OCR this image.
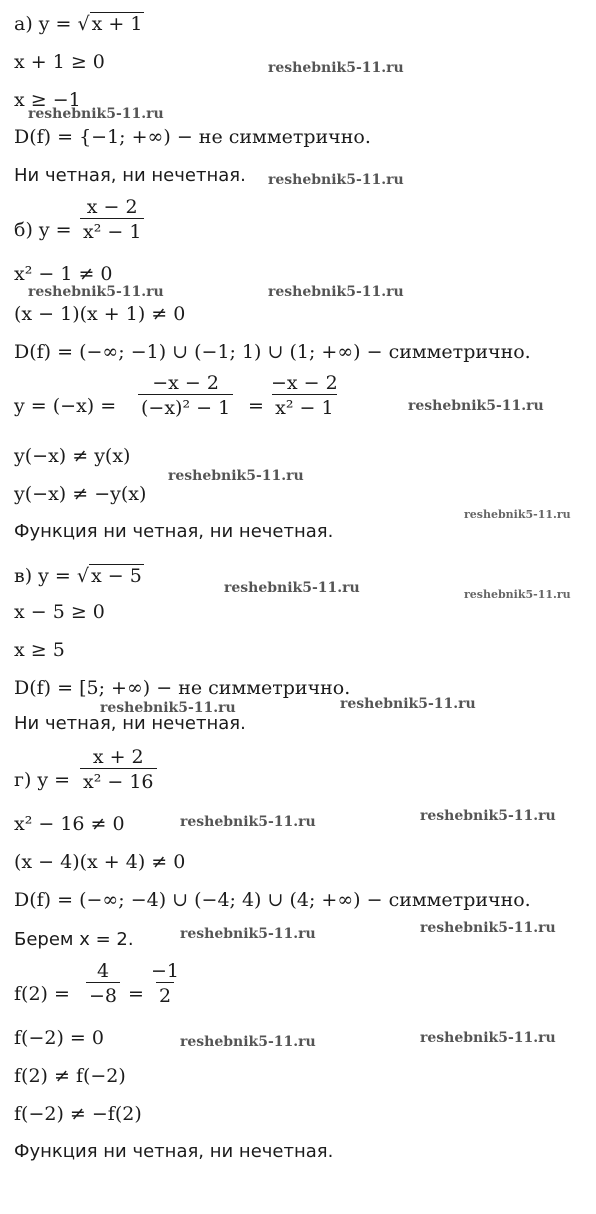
а) y = √ x + 1
x + 1 ≥ 0	reshebnik5-11.ru
x ≥ −1
reshebnik5-11.ru
D(f) = {−1; +∞) − не симметрично.
Ни четная, ни нечетная. reshebnik5-11.ru
б) $y = \frac{x - 2}{\text{x² − 1}}$
x² − 1 ≠ 0
reshebnik5-11.ru	reshebnik5-11.ru
(x − 1)(x + 1) ≠ 0
D(f) = (−∞; −1) ∪ (−1; 1) ∪ (1; +∞) − симметрично.
$y = (-x) = \frac{-x - 2}{\text{(−x)² − 1}} = \frac{-x - 2}{\text{x² − 1}}$	reshebnik5-11.ru
y(−x) ≠ y(x)
reshebnik5-11.ru
y(−x) ≠ −y(x)
reshebnik5-11.ru
Функция ни четная, ни нечетная.
в) y = √ x − 5
reshebnik5-11.ru	reshebnik5-11.ru
x − 5 ≥ 0
x ≥ 5
D(f) = [5; +∞) − не симметрично.
reshebnik5-11.ru	reshebnik5-11.ru
Ни четная, ни нечетная.
г) $y = \frac{x + 2}{\text{x² − 16}}$
x² − 16 ≠ 0	reshebnik5-11.ru	reshebnik5-11.ru
(x − 4)(x + 4) ≠ 0
D(f) = (−∞; −4) ∪ (−4; 4) ∪ (4; +∞) − симметрично.
Берем x = 2.	reshebnik5-11.ru	reshebnik5-11.ru
$f(2) = \frac{4}{-8} = \frac{-1}{2}$
f(−2) = 0	reshebnik5-11.ru	reshebnik5-11.ru
f(2) ≠ f(−2)
f(−2) ≠ −f(2)
Функция ни четная, ни нечетная.
